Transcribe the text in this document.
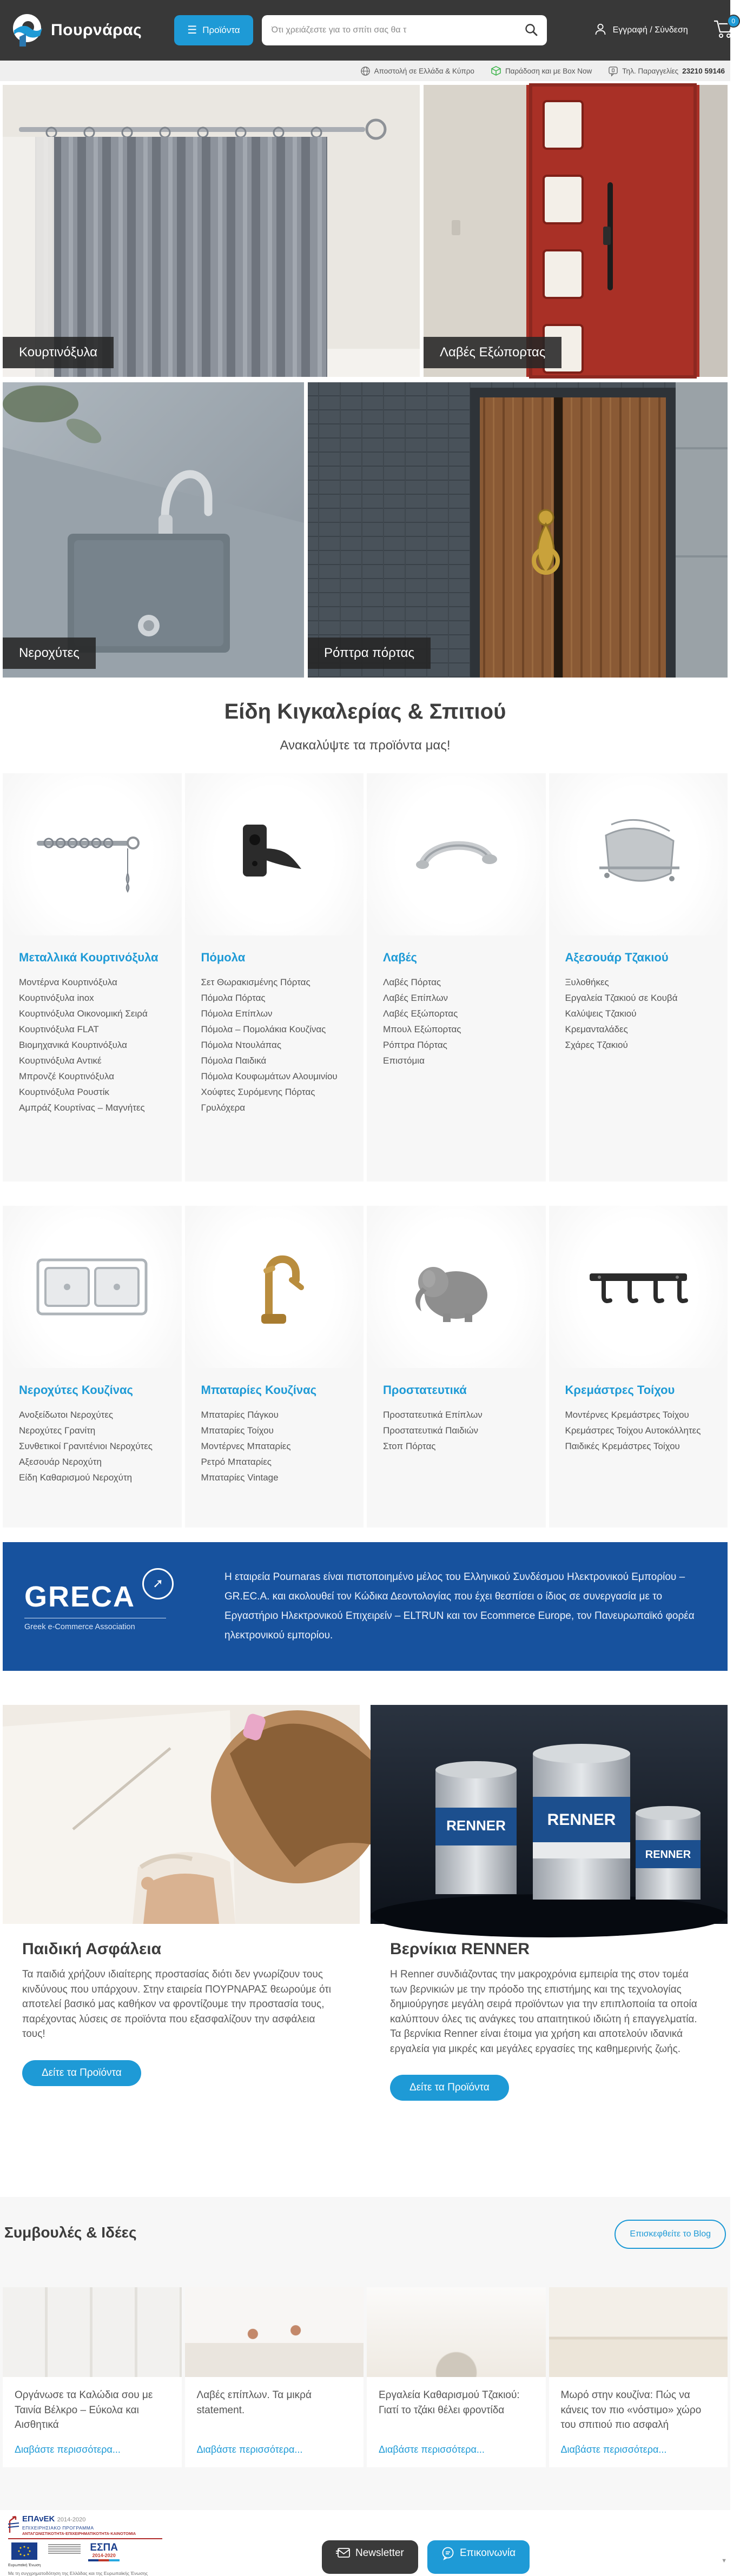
Πουρνάρας	☰ Προϊόντα
Ότι χρειάζεστε για το σπίτι σας θα τ	Εγγραφή / Σύνδεση
0
Αποστολή σε Ελλάδα & Κύπρο	Παράδοση και με Box Now	Τηλ. Παραγγελίες 23210 59146
Κουρτινόξυλα	Λαβές Εξώπορτας
Νεροχύτες	Ρόπτρα πόρτας
Είδη Κιγκαλερίας & Σπιτιού
Ανακαλύψτε τα προϊόντα μας!
Μεταλλικά Κουρτινόξυλα
Μοντέρνα Κουρτινόξυλα
Κουρτινόξυλα inox
Κουρτινόξυλα Οικονομική Σειρά
Κουρτινόξυλα FLAT
Βιομηχανικά Κουρτινόξυλα
Κουρτινόξυλα Αντικέ
Μπρονζέ Κουρτινόξυλα
Κουρτινόξυλα Ρουστίκ
Αμπράζ Κουρτίνας – Μαγνήτες
Πόμολα
Σετ Θωρακισμένης Πόρτας
Πόμολα Πόρτας
Πόμολα Επίπλων
Πόμολα – Πομολάκια Κουζίνας
Πόμολα Ντουλάπας
Πόμολα Παιδικά
Πόμολα Κουφωμάτων Αλουμινίου
Χούφτες Συρόμενης Πόρτας
Γρυλόχερα
Λαβές
Λαβές Πόρτας
Λαβές Επίπλων
Λαβές Εξώπορτας
Μπουλ Εξώπορτας
Ρόπτρα Πόρτας
Επιστόμια
Αξεσουάρ Τζακιού
Ξυλοθήκες
Εργαλεία Τζακιού σε Κουβά
Καλύψεις Τζακιού
Κρεμανταλάδες
Σχάρες Τζακιού
Νεροχύτες Κουζίνας
Ανοξείδωτοι Νεροχύτες
Νεροχύτες Γρανίτη
Συνθετικοί Γρανιτένιοι Νεροχύτες
Αξεσουάρ Νεροχύτη
Είδη Καθαρισμού Νεροχύτη
Μπαταρίες Κουζίνας
Μπαταρίες Πάγκου
Μπαταρίες Τοίχου
Μοντέρνες Μπαταρίες
Ρετρό Μπαταρίες
Μπαταρίες Vintage
Προστατευτικά
Προστατευτικά Επίπλων
Προστατευτικά Παιδιών
Στοπ Πόρτας
Κρεμάστρες Τοίχου
Μοντέρνες Κρεμάστρες Τοίχου
Κρεμάστρες Τοίχου Αυτοκόλλητες
Παιδικές Κρεμάστρες Τοίχου
GRECA	➚
Greek e-Commerce Association
Η εταιρεία Pournaras είναι πιστοποιημένο μέλος του Ελληνικού Συνδέσμου Ηλεκτρονικού Εμπορίου – GR.EC.A. και ακολουθεί τον Κώδικα Δεοντολογίας που έχει θεσπίσει ο ίδιος σε συνεργασία με το Εργαστήριο Ηλεκτρονικού Επιχειρείν – ELTRUN και τον Ecommerce Europe, τον Πανευρωπαϊκό φορέα ηλεκτρονικού εμπορίου.
Παιδική Ασφάλεια
Τα παιδιά χρήζουν ιδιαίτερης προστασίας διότι δεν γνωρίζουν τους κινδύνους που υπάρχουν. Στην εταιρεία ΠΟΥΡΝΑΡΑΣ θεωρούμε ότι αποτελεί βασικό μας καθήκον να φροντίζουμε την προστασία τους, παρέχοντας λύσεις σε προϊόντα που εξασφαλίζουν την ασφάλεια τους!
Δείτε τα Προϊόντα
RENNER	RENNER
RENNER
Βερνίκια RENNER
Η Renner συνδιάζοντας την μακροχρόνια εμπειρία της στον τομέα των βερνικιών με την πρόοδο της επιστήμης και της τεχνολογίας δημιούργησε μεγάλη σειρά προϊόντων για την επιπλοποιία τα οποία καλύπτουν όλες τις ανάγκες του απαιτητικού ιδιώτη ή επαγγελματία. Τα βερνίκια Renner είναι έτοιμα για χρήση και αποτελούν ιδανικά εργαλεία για μικρές και μεγάλες εργασίες της καθημερινής ζωής.
Δείτε τα Προϊόντα
Συμβουλές & Ιδέες	Επισκεφθείτε το Blog
Οργάνωσε τα Καλώδια σου με Ταινία Βέλκρο – Εύκολα και Αισθητικά
Διαβάστε περισσότερα...
Λαβές επίπλων. Τα μικρά statement.
Διαβάστε περισσότερα...
Εργαλεία Καθαρισμού Τζακιού: Γιατί το τζάκι θέλει φροντίδα
Διαβάστε περισσότερα...
Μωρό στην κουζίνα: Πώς να κάνεις τον πιο «νόστιμο» χώρο του σπιτιού πιο ασφαλή
Διαβάστε περισσότερα...
ΕΠΑνΕΚ 2014-2020
ΕΠΙΧΕΙΡΗΣΙΑΚΟ ΠΡΟΓΡΑΜΜΑ
ΑΝΤΑΓΩΝΙΣΤΙΚΟΤΗΤΑ·ΕΠΙΧΕΙΡΗΜΑΤΙΚΟΤΗΤΑ·ΚΑΙΝΟΤΟΜΙΑ
Ευρωπαϊκή Ένωση
ΕΣΠΑ
2014-2020
Με τη συγχρηματοδότηση της Ελλάδας και της Ευρωπαϊκής Ένωσης
Newsletter	Επικοινωνία
▼
